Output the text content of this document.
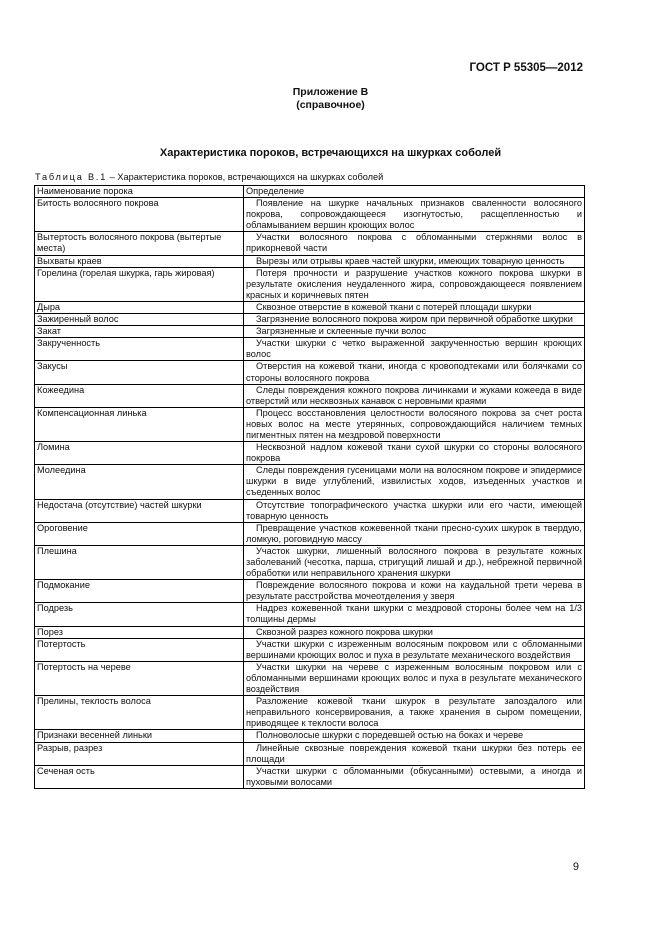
ГОСТ Р 55305—2012
Приложение В
(справочное)
Характеристика пороков, встречающихся на шкурках соболей
Таблица В.1 – Характеристика пороков, встречающихся на шкурках соболей
Наименование порока	Определение
Битость волосяного покрова	Появление на шкурке начальных признаков сваленности волосяного покрова, сопровождающееся изогнутостью, расщепленностью и обламыванием вершин кроющих волос
Вытертость волосяного покрова (вытертые места)	Участки волосяного покрова с обломанными стержнями волос в прикорневой части
Выхваты краев	Вырезы или отрывы краев частей шкурки, имеющих товарную ценность
Горелина (горелая шкурка, гарь жировая)	Потеря прочности и разрушение участков кожного покрова шкурки в результате окисления неудаленного жира, сопровождающееся появлением красных и коричневых пятен
Дыра	Сквозное отверстие в кожевой ткани с потерей площади шкурки
Зажиренный волос	Загрязнение волосяного покрова жиром при первичной обработке шкурки
Закат	Загрязненные и склеенные пучки волос
Закрученность	Участки шкурки с четко выраженной закрученностью вершин кроющих волос
Закусы	Отверстия на кожевой ткани, иногда с кровоподтеками или болячками со стороны волосяного покрова
Кожеедина	Следы повреждения кожного покрова личинками и жуками кожееда в виде отверстий или несквозных канавок с неровными краями
Компенсационная линька	Процесс восстановления целостности волосяного покрова за счет роста новых волос на месте утерянных, сопровождающийся наличием темных пигментных пятен на мездровой поверхности
Ломина	Несквозной надлом кожевой ткани сухой шкурки со стороны волосяного покрова
Молеедина	Следы повреждения гусеницами моли на волосяном покрове и эпидермисе шкурки в виде углублений, извилистых ходов, изъеденных участков и съеденных волос
Недостача (отсутствие) частей шкурки	Отсутствие топографического участка шкурки или его части, имеющей товарную ценность
Ороговение	Превращение участков кожевенной ткани пресно-сухих шкурок в твердую, ломкую, роговидную массу
Плешина	Участок шкурки, лишенный волосяного покрова в результате кожных заболеваний (чесотка, парша, стригущий лишай и др.), небрежной первичной обработки или неправильного хранения шкурки
Подмокание	Повреждение волосяного покрова и кожи на каудальной трети черева в результате расстройства мочеотделения у зверя
Подрезь	Надрез кожевенной ткани шкурки с мездровой стороны более чем на 1/3 толщины дермы
Порез	Сквозной разрез кожного покрова шкурки
Потертость	Участки шкурки с изреженным волосяным покровом или с обломанными вершинами кроющих волос и пуха в результате механического воздействия
Потертость на череве	Участки шкурки на череве с изреженным волосяным покровом или с обломанными вершинами кроющих волос и пуха в результате механического воздействия
Прелины, теклость волоса	Разложение кожевой ткани шкурок в результате запоздалого или неправильного консервирования, а также хранения в сыром помещении, приводящее к теклости волоса
Признаки весенней линьки	Полноволосые шкурки с поредевшей остью на боках и череве
Разрыв, разрез	Линейные сквозные повреждения кожевой ткани шкурки без потерь ее площади
Сеченая ость	Участки шкурки с обломанными (обкусанными) остевыми, а иногда и пуховыми волосами
9
